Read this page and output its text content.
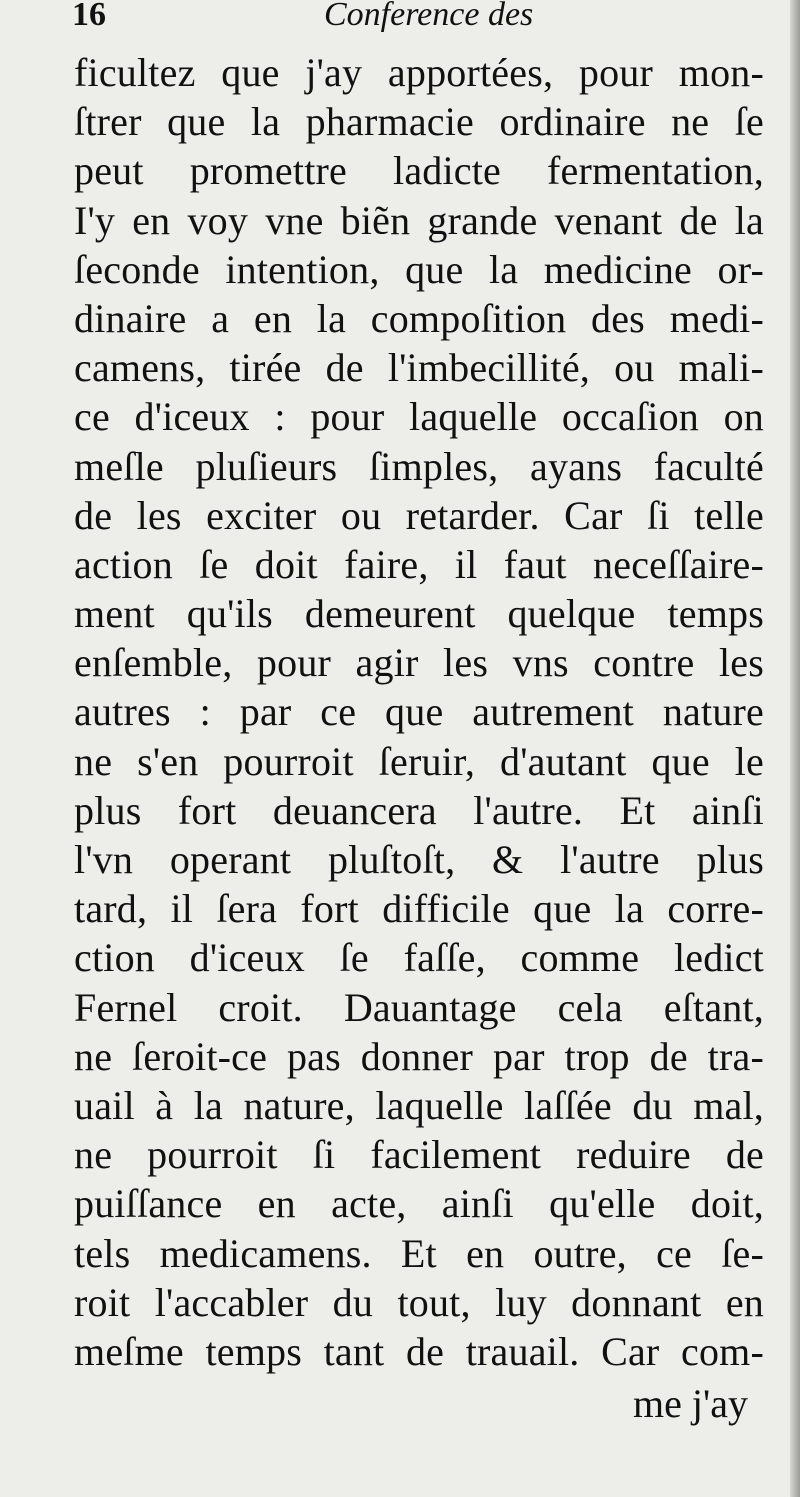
16	Conference des
ficultez que j'ay apportées, pour mon-
ſtrer que la pharmacie ordinaire ne ſe
peut promettre ladicte fermentation,
I'y en voy vne biẽn grande venant de la
ſeconde intention, que la medicine or-
dinaire a en la compoſition des medi-
camens, tirée de l'imbecillité, ou mali-
ce d'iceux : pour laquelle occaſion on
meſle pluſieurs ſimples, ayans faculté
de les exciter ou retarder. Car ſi telle
action ſe doit faire, il faut neceſſaire-
ment qu'ils demeurent quelque temps
enſemble, pour agir les vns contre les
autres : par ce que autrement nature
ne s'en pourroit ſeruir, d'autant que le
plus fort deuancera l'autre. Et ainſi
l'vn operant pluſtoſt, & l'autre plus
tard, il ſera fort difficile que la corre-
ction d'iceux ſe faſſe, comme ledict
Fernel croit. Dauantage cela eſtant,
ne ſeroit-ce pas donner par trop de tra-
uail à la nature, laquelle laſſée du mal,
ne pourroit ſi facilement reduire de
puiſſance en acte, ainſi qu'elle doit,
tels medicamens. Et en outre, ce ſe-
roit l'accabler du tout, luy donnant en
meſme temps tant de trauail. Car com-
me j'ay
